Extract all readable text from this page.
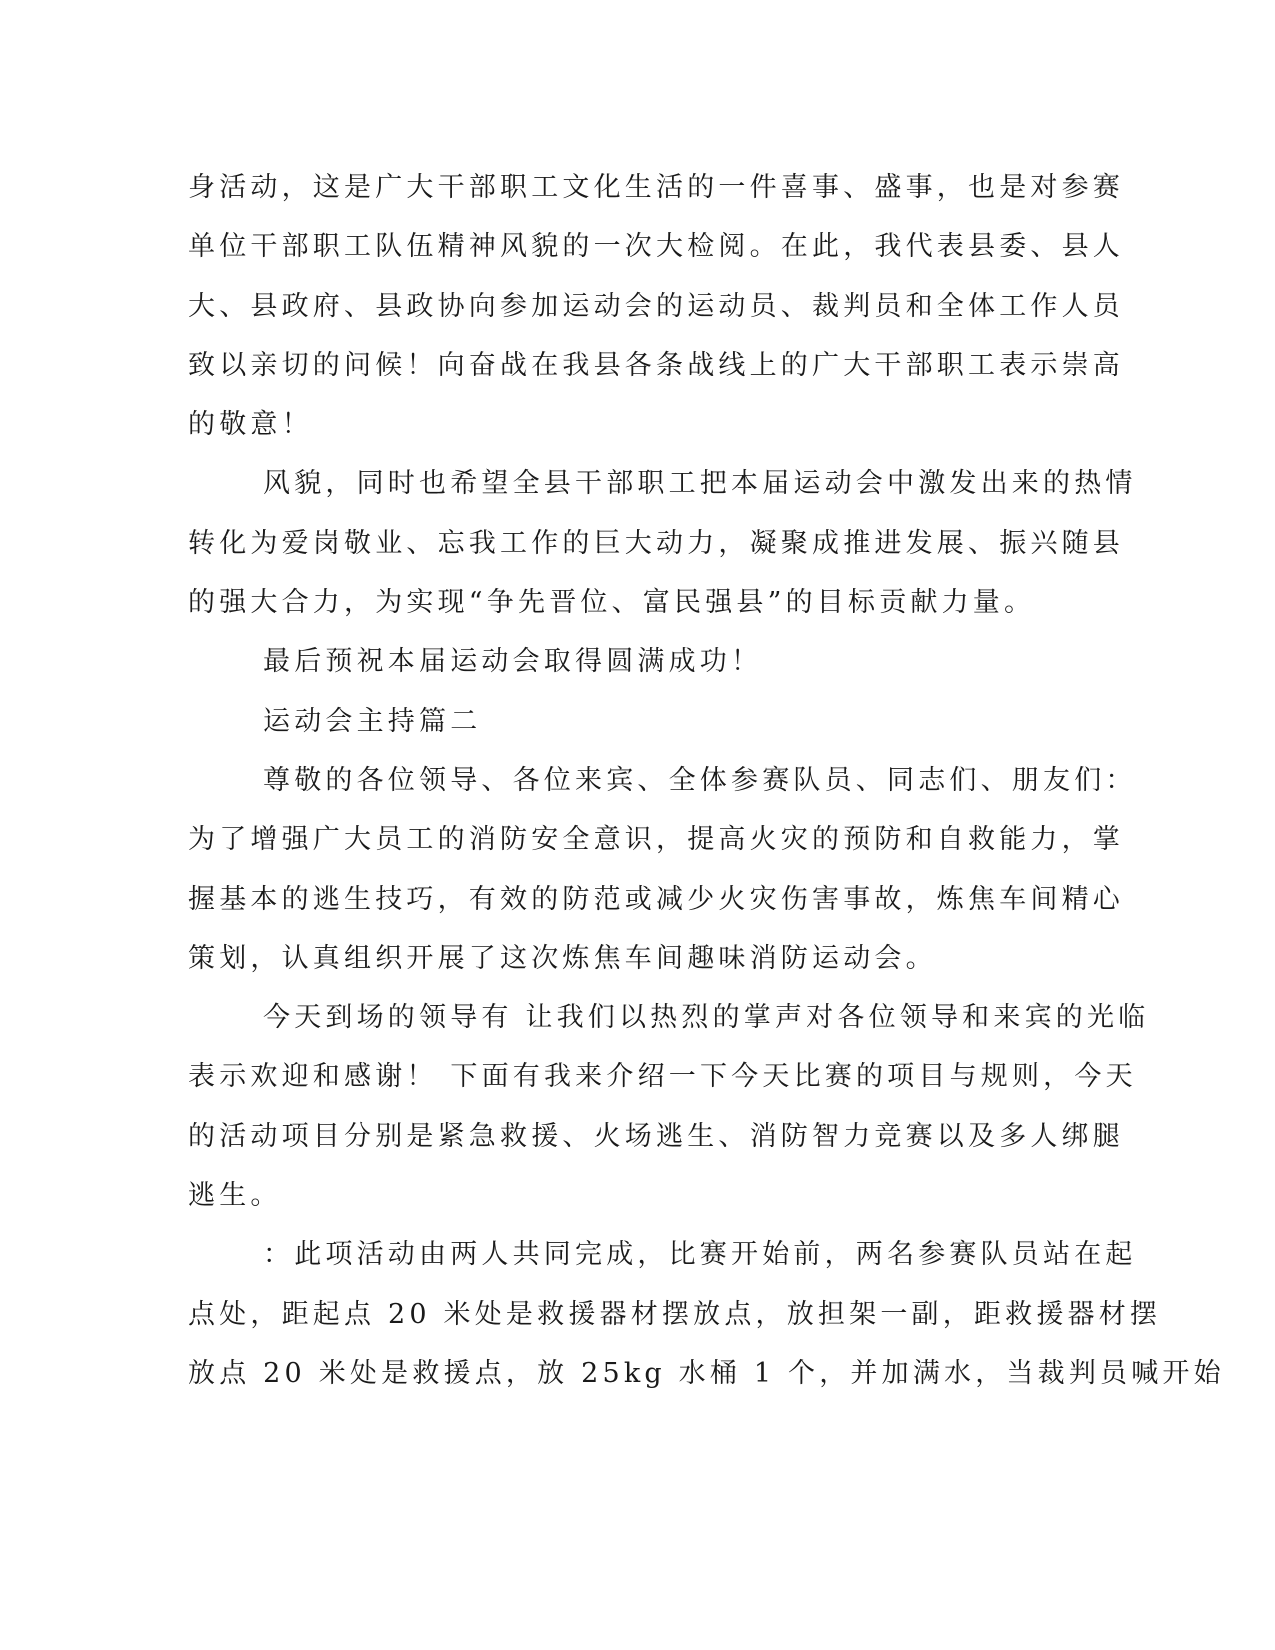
身活动，这是广大干部职工文化生活的一件喜事、盛事，也是对参赛
单位干部职工队伍精神风貌的一次大检阅。在此，我代表县委、县人
大、县政府、县政协向参加运动会的运动员、裁判员和全体工作人员
致以亲切的问候！向奋战在我县各条战线上的广大干部职工表示崇高
的敬意！
风貌，同时也希望全县干部职工把本届运动会中激发出来的热情
转化为爱岗敬业、忘我工作的巨大动力，凝聚成推进发展、振兴随县
的强大合力，为实现“争先晋位、富民强县”的目标贡献力量。
最后预祝本届运动会取得圆满成功！
运动会主持篇二
尊敬的各位领导、各位来宾、全体参赛队员、同志们、朋友们：
为了增强广大员工的消防安全意识，提高火灾的预防和自救能力，掌
握基本的逃生技巧，有效的防范或减少火灾伤害事故，炼焦车间精心
策划，认真组织开展了这次炼焦车间趣味消防运动会。
今天到场的领导有 让我们以热烈的掌声对各位领导和来宾的光临
表示欢迎和感谢！ 下面有我来介绍一下今天比赛的项目与规则，今天
的活动项目分别是紧急救援、火场逃生、消防智力竞赛以及多人绑腿
逃生。
：此项活动由两人共同完成，比赛开始前，两名参赛队员站在起
点处，距起点 20 米处是救援器材摆放点，放担架一副，距救援器材摆
放点 20 米处是救援点，放 25kg 水桶 1 个，并加满水，当裁判员喊开始
